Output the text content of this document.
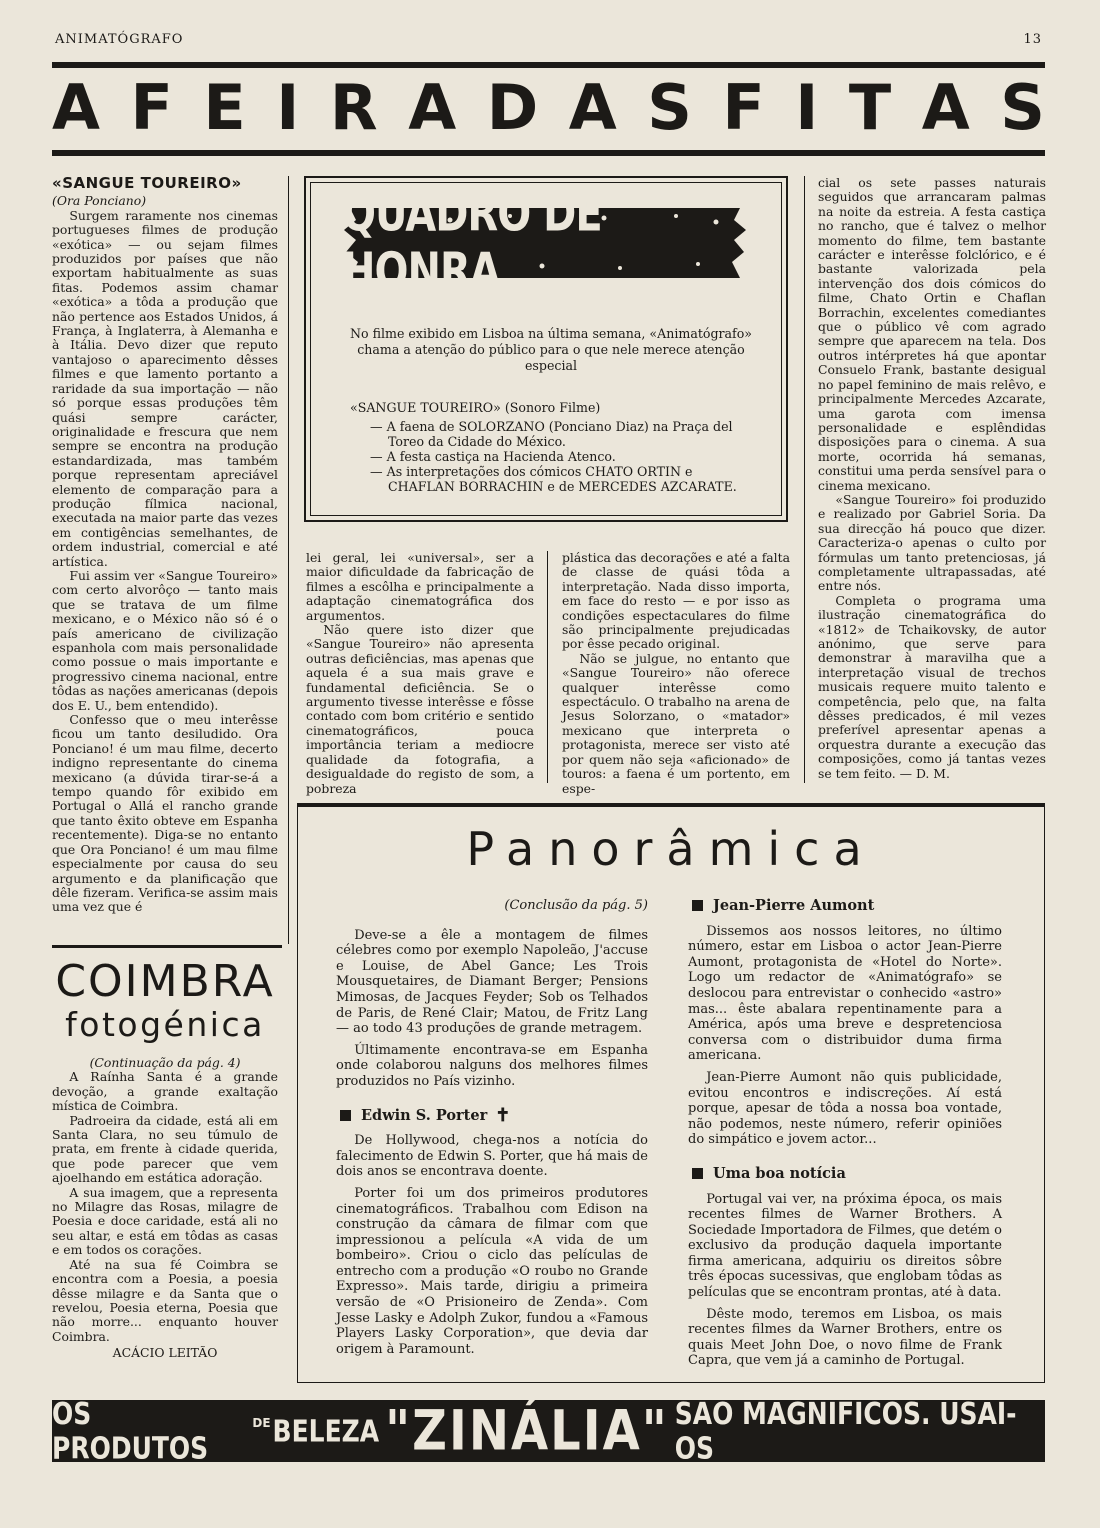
ANIMATÓGRAFO	13
A F E I R A D A S F I T A S
«SANGUE TOUREIRO»

(Ora Ponciano)

Surgem raramente nos cinemas portugueses filmes de produção «exótica» — ou sejam filmes produzidos por países que não exportam habitualmente as suas fitas. Podemos assim chamar «exótica» a tôda a produção que não pertence aos Estados Unidos, á França, à Inglaterra, à Alemanha e à Itália. Devo dizer que reputo vantajoso o aparecimento dêsses filmes e que lamento portanto a raridade da sua importação — não só porque essas produções têm quási sempre carácter, originalidade e frescura que nem sempre se encontra na produção estandardizada, mas também porque representam apreciável elemento de comparação para a produção fílmica nacional, executada na maior parte das vezes em contigências semelhantes, de ordem industrial, comercial e até artística.

Fui assim ver «Sangue Toureiro» com certo alvorôço — tanto mais que se tratava de um filme mexicano, e o México não só é o país americano de civilização espanhola com mais personalidade como possue o mais importante e progressivo cinema nacional, entre tôdas as nações americanas (depois dos E. U., bem entendido).

Confesso que o meu interêsse ficou um tanto desiludido. Ora Ponciano! é um mau filme, decerto indigno representante do cinema mexicano (a dúvida tirar-se-á a tempo quando fôr exibido em Portugal o Allá el rancho grande que tanto êxito obteve em Espanha recentemente). Diga-se no entanto que Ora Ponciano! é um mau filme especialmente por causa do seu argumento e da planificação que dêle fizeram. Verifica-se assim mais uma vez que é

QUADRO DE HONRA
No filme exibido em Lisboa na última semana, «Animatógrafo» chama a atenção do público para o que nele merece atenção especial
«SANGUE TOUREIRO» (Sonoro Filme)
— A faena de SOLORZANO (Ponciano Diaz) na Praça del Toreo da Cidade do México.
— A festa castiça na Hacienda Atenco.
— As interpretações dos cómicos CHATO ORTIN e CHAFLAN BORRACHIN e de MERCEDES AZCARATE.

lei geral, lei «universal», ser a maior dificuldade da fabricação de filmes a escôlha e principalmente a adaptação cinematográfica dos argumentos.

Não quere isto dizer que «Sangue Toureiro» não apresenta outras deficiências, mas apenas que aquela é a sua mais grave e fundamental deficiência. Se o argumento tivesse interêsse e fôsse contado com bom critério e sentido cinematográficos, pouca importância teriam a mediocre qualidade da fotografia, a desigualdade do registo de som, a pobreza

plástica das decorações e até a falta de classe de quási tôda a interpretação. Nada disso importa, em face do resto — e por isso as condições espectaculares do filme são principalmente prejudicadas por êsse pecado original.

Não se julgue, no entanto que «Sangue Toureiro» não oferece qualquer interêsse como espectáculo. O trabalho na arena de Jesus Solorzano, o «matador» mexicano que interpreta o protagonista, merece ser visto até por quem não seja «aficionado» de touros: a faena é um portento, em espe-

cial os sete passes naturais seguidos que arrancaram palmas na noite da estreia. A festa castiça no rancho, que é talvez o melhor momento do filme, tem bastante carácter e interêsse folclórico, e é bastante valorizada pela intervenção dos dois cómicos do filme, Chato Ortin e Chaflan Borrachin, excelentes comediantes que o público vê com agrado sempre que aparecem na tela. Dos outros intérpretes há que apontar Consuelo Frank, bastante desigual no papel feminino de mais relêvo, e principalmente Mercedes Azcarate, uma garota com imensa personalidade e esplêndidas disposições para o cinema. A sua morte, ocorrida há semanas, constitui uma perda sensível para o cinema mexicano.

«Sangue Toureiro» foi produzido e realizado por Gabriel Soria. Da sua direcção há pouco que dizer. Caracteriza-o apenas o culto por fórmulas um tanto pretenciosas, já completamente ultrapassadas, até entre nós.

Completa o programa uma ilustração cinematográfica do «1812» de Tchaikovsky, de autor anónimo, que serve para demonstrar à maravilha que a interpretação visual de trechos musicais requere muito talento e competência, pelo que, na falta dêsses predicados, é mil vezes preferível apresentar apenas a orquestra durante a execução das composições, como já tantas vezes se tem feito. — D. M.

COIMBRA
fotogénica

(Continuação da pág. 4)

A Raínha Santa é a grande devoção, a grande exaltação mística de Coimbra.

Padroeira da cidade, está ali em Santa Clara, no seu túmulo de prata, em frente à cidade querida, que pode parecer que vem ajoelhando em estática adoração.

A sua imagem, que a representa no Milagre das Rosas, milagre de Poesia e doce caridade, está ali no seu altar, e está em tôdas as casas e em todos os corações.

Até na sua fé Coimbra se encontra com a Poesia, a poesia dêsse milagre e da Santa que o revelou, Poesia eterna, Poesia que não morre... enquanto houver Coimbra.

ACÁCIO LEITÃO

Panorâmica

(Conclusão da pág. 5)

Deve-se a êle a montagem de filmes célebres como por exemplo Napoleão, J'accuse e Louise, de Abel Gance; Les Trois Mousquetaires, de Diamant Berger; Pensions Mimosas, de Jacques Feyder; Sob os Telhados de Paris, de René Clair; Matou, de Fritz Lang — ao todo 43 produções de grande metragem.

Últimamente encontrava-se em Espanha onde colaborou nalguns dos melhores filmes produzidos no País vizinho.

Edwin S. Porter ✝

De Hollywood, chega-nos a notícia do falecimento de Edwin S. Porter, que há mais de dois anos se encontrava doente.

Porter foi um dos primeiros produtores cinematográficos. Trabalhou com Edison na construção da câmara de filmar com que impressionou a película «A vida de um bombeiro». Criou o ciclo das películas de entrecho com a produção «O roubo no Grande Expresso». Mais tarde, dirigiu a primeira versão de «O Prisioneiro de Zenda». Com Jesse Lasky e Adolph Zukor, fundou a «Famous Players Lasky Corporation», que devia dar origem à Paramount.

Jean-Pierre Aumont

Dissemos aos nossos leitores, no último número, estar em Lisboa o actor Jean-Pierre Aumont, protagonista de «Hotel do Norte». Logo um redactor de «Animatógrafo» se deslocou para entrevistar o conhecido «astro» mas... êste abalara repentinamente para a América, após uma breve e despretenciosa conversa com o distribuidor duma firma americana.

Jean-Pierre Aumont não quis publicidade, evitou encontros e indiscreções. Aí está porque, apesar de tôda a nossa boa vontade, não podemos, neste número, referir opiniões do simpático e jovem actor...

Uma boa notícia

Portugal vai ver, na próxima época, os mais recentes filmes de Warner Brothers. A Sociedade Importadora de Filmes, que detém o exclusivo da produção daquela importante firma americana, adquiriu os direitos sôbre três épocas sucessivas, que englobam tôdas as películas que se encontram prontas, até à data.

Dêste modo, teremos em Lisboa, os mais recentes filmes da Warner Brothers, entre os quais Meet John Doe, o novo filme de Frank Capra, que vem já a caminho de Portugal.

OS PRODUTOS
DE BELEZA "ZINÁLIA" SÃO MAGNIFICOS. USAI-OS
